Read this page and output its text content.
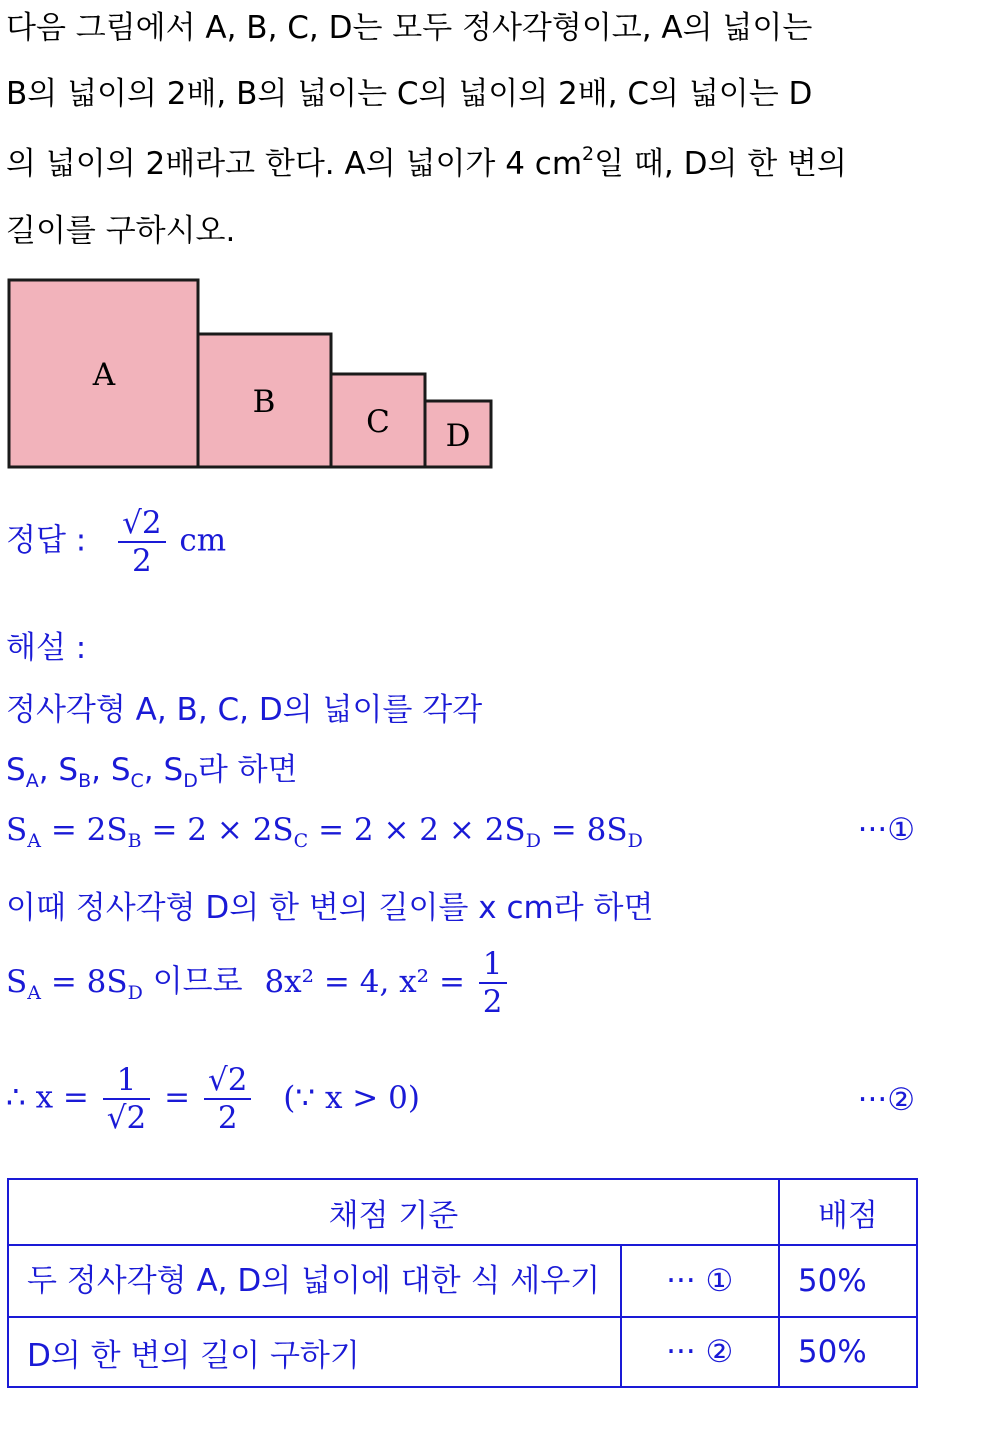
다음 그림에서 A, B, C, D는 모두 정사각형이고, A의 넓이는
B의 넓이의 2배, B의 넓이는 C의 넓이의 2배, C의 넓이는 D
의 넓이의 2배라고 한다. A의 넓이가 4 $cm^2$일 때, D의 한 변의
길이를 구하시오.
A
B
C D
정답 : $\frac{√2}{2}$ cm
해설 :
정사각형 A, B, C, D의 넓이를 각각
$S_A$, $S_B$, $S_C$, $S_D$라 하면
$S_A = 2S_B = 2 \times 2S_C = 2 \times 2 \times 2S_D = 8S_D$	···①
이때 정사각형 D의 한 변의 길이를 x cm라 하면
$S_A = 8S_D$ 이므로 8x² = 4, $x^2 = \frac{1}{2}$
∴ $x = \frac{1}{√2} = \frac{√2}{2}$ (∵ x > 0)	···②
채점 기준		배점
두 정사각형 A, D의 넓이에 대한 식 세우기	··· ①	50%
D의 한 변의 길이 구하기	··· ②	50%
